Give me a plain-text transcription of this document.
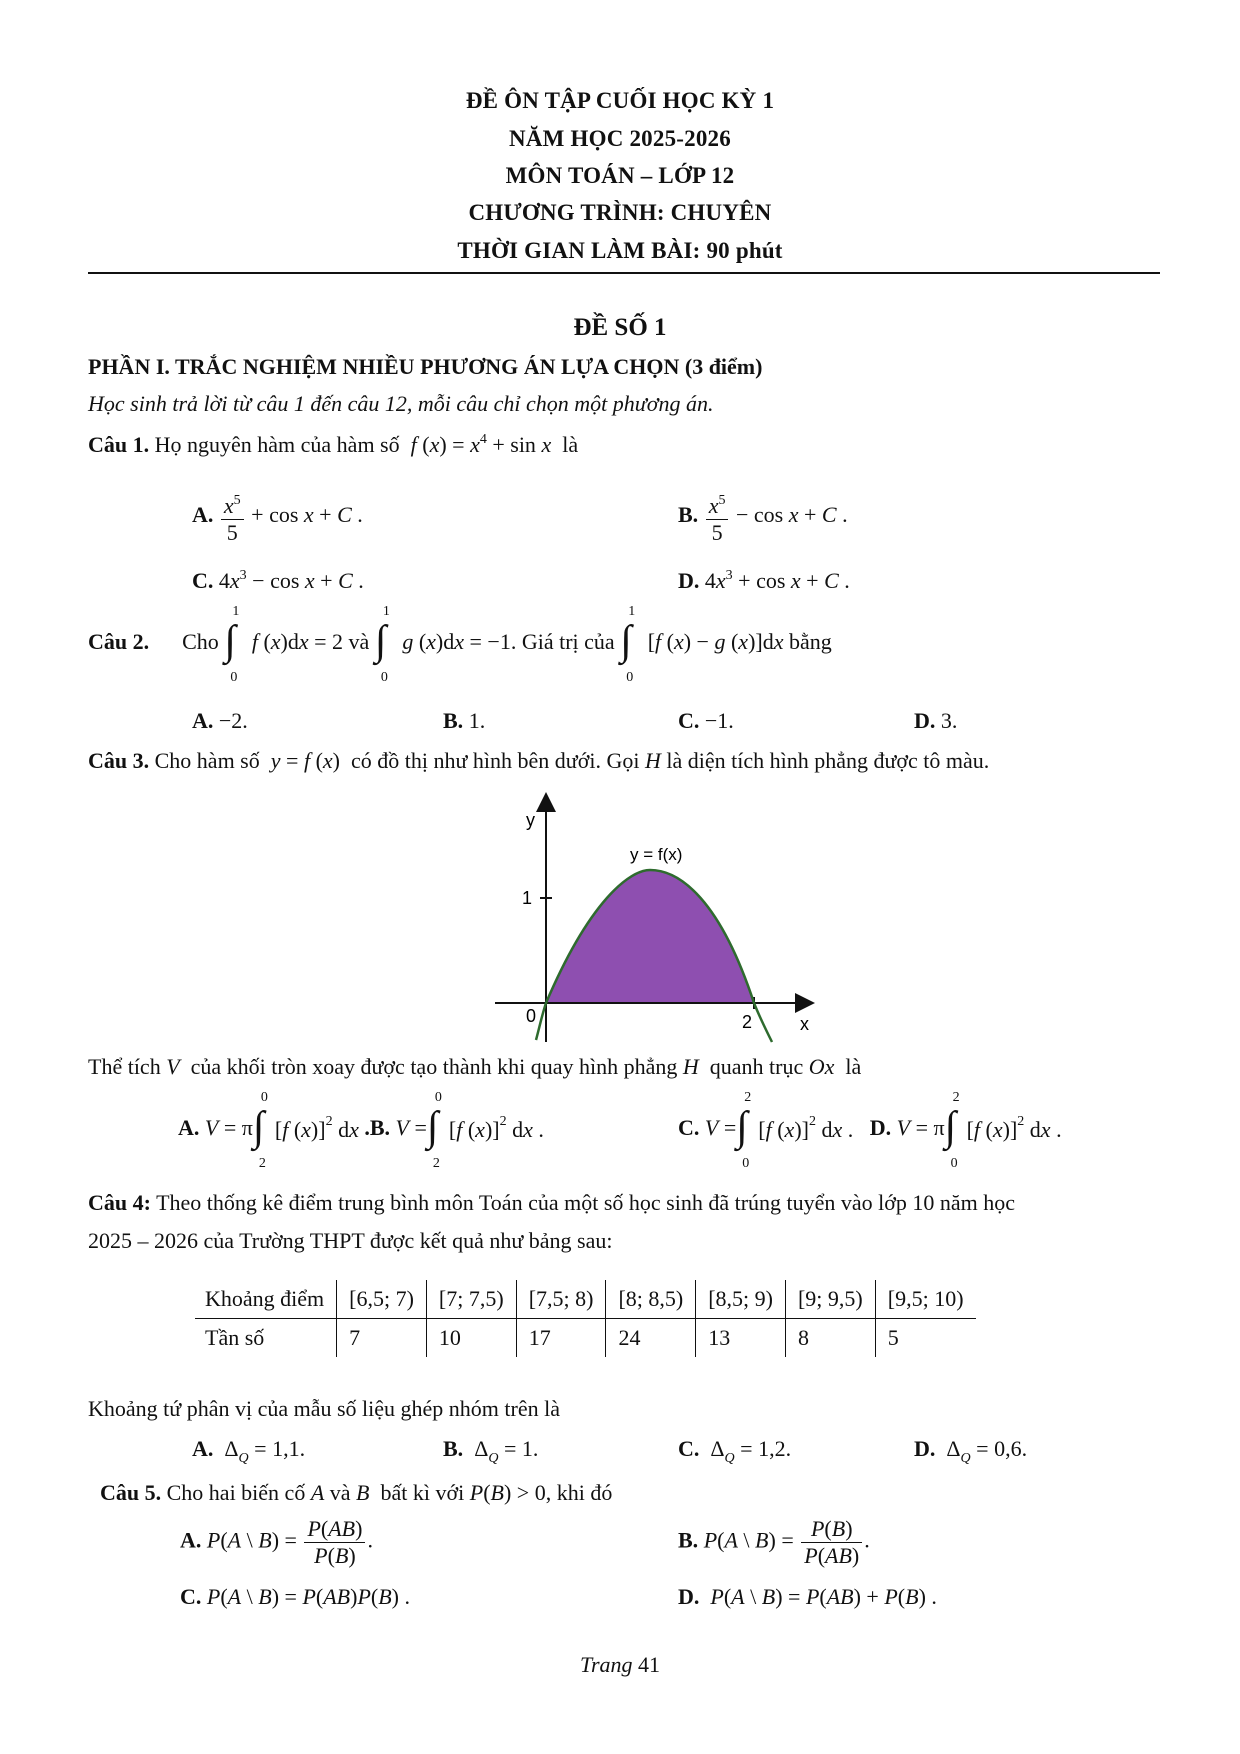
ĐỀ ÔN TẬP CUỐI HỌC KỲ 1
NĂM HỌC 2025-2026
MÔN TOÁN – LỚP 12
CHƯƠNG TRÌNH: CHUYÊN
THỜI GIAN LÀM BÀI: 90 phút
ĐỀ SỐ 1
PHẦN I. TRẮC NGHIỆM NHIỀU PHƯƠNG ÁN LỰA CHỌN (3 điểm)
Học sinh trả lời từ câu 1 đến câu 12, mỗi câu chỉ chọn một phương án.
Câu 1. Họ nguyên hàm của hàm số f $(x) = x^4 + \sin x$ là
A. $\frac{x^5}{5} + \cos x + C$ .	B. $\frac{x^5}{5} - \cos x + C$ .
C. $4x^3 - \cos x + C$ .	D. $4x^3 + \cos x + C$ .
Câu 2. Cho ∫
1
0
f (x)dx = 2 và ∫
1
0
g (x)dx = −1. Giá trị của ∫
1
0
[f (x) − g (x)]dx bằng
A. −2.	B. 1.	C. −1.	D. 3.
Câu 3. Cho hàm số y = f (x)  có đồ thị như hình bên dưới. Gọi H là diện tích hình phẳng được tô màu.
y
x
0	2
1
y = f(x)
Thể tích V của khối tròn xoay được tạo thành khi quay hình phẳng H quanh trục Ox là
A. V = π ∫
0
2
[f (x)]$^2$ dx .B. V = ∫
0
2
[f (x)]$^2$ dx .	C. V = ∫
2
0
[f (x)]$^2$ dx . D. V = π ∫
2
0
[f (x)]$^2$ dx .
Câu 4: Theo thống kê điểm trung bình môn Toán của một số học sinh đã trúng tuyển vào lớp 10 năm học
2025 – 2026 của Trường THPT được kết quả như bảng sau:
Khoảng điểm	[6,5; 7)	[7; 7,5)	[7,5; 8)	[8; 8,5)	[8,5; 9)	[9; 9,5)	[9,5; 10)
Tần số	7	10	17	24	13	8	5
Khoảng tứ phân vị của mẫu số liệu ghép nhóm trên là
A.  $\Delta_Q = 1,1$.	B.  $\Delta_Q = 1$.	C.  $\Delta_Q = 1,2$.	D.  $\Delta_Q = 0,6$.
Câu 5. Cho hai biến cố A và B bất kì với P(B) > 0, khi đó
A. P(A \ $B) = \frac{P(AB)}{P(B)}$ .	B. P(A \ $B) = \frac{P(B)}{P(AB)}$ .
C. P(A \ B) = P(AB)P(B) .	D. P(A \ B) = P(AB) + P(B) .
Trang 41
